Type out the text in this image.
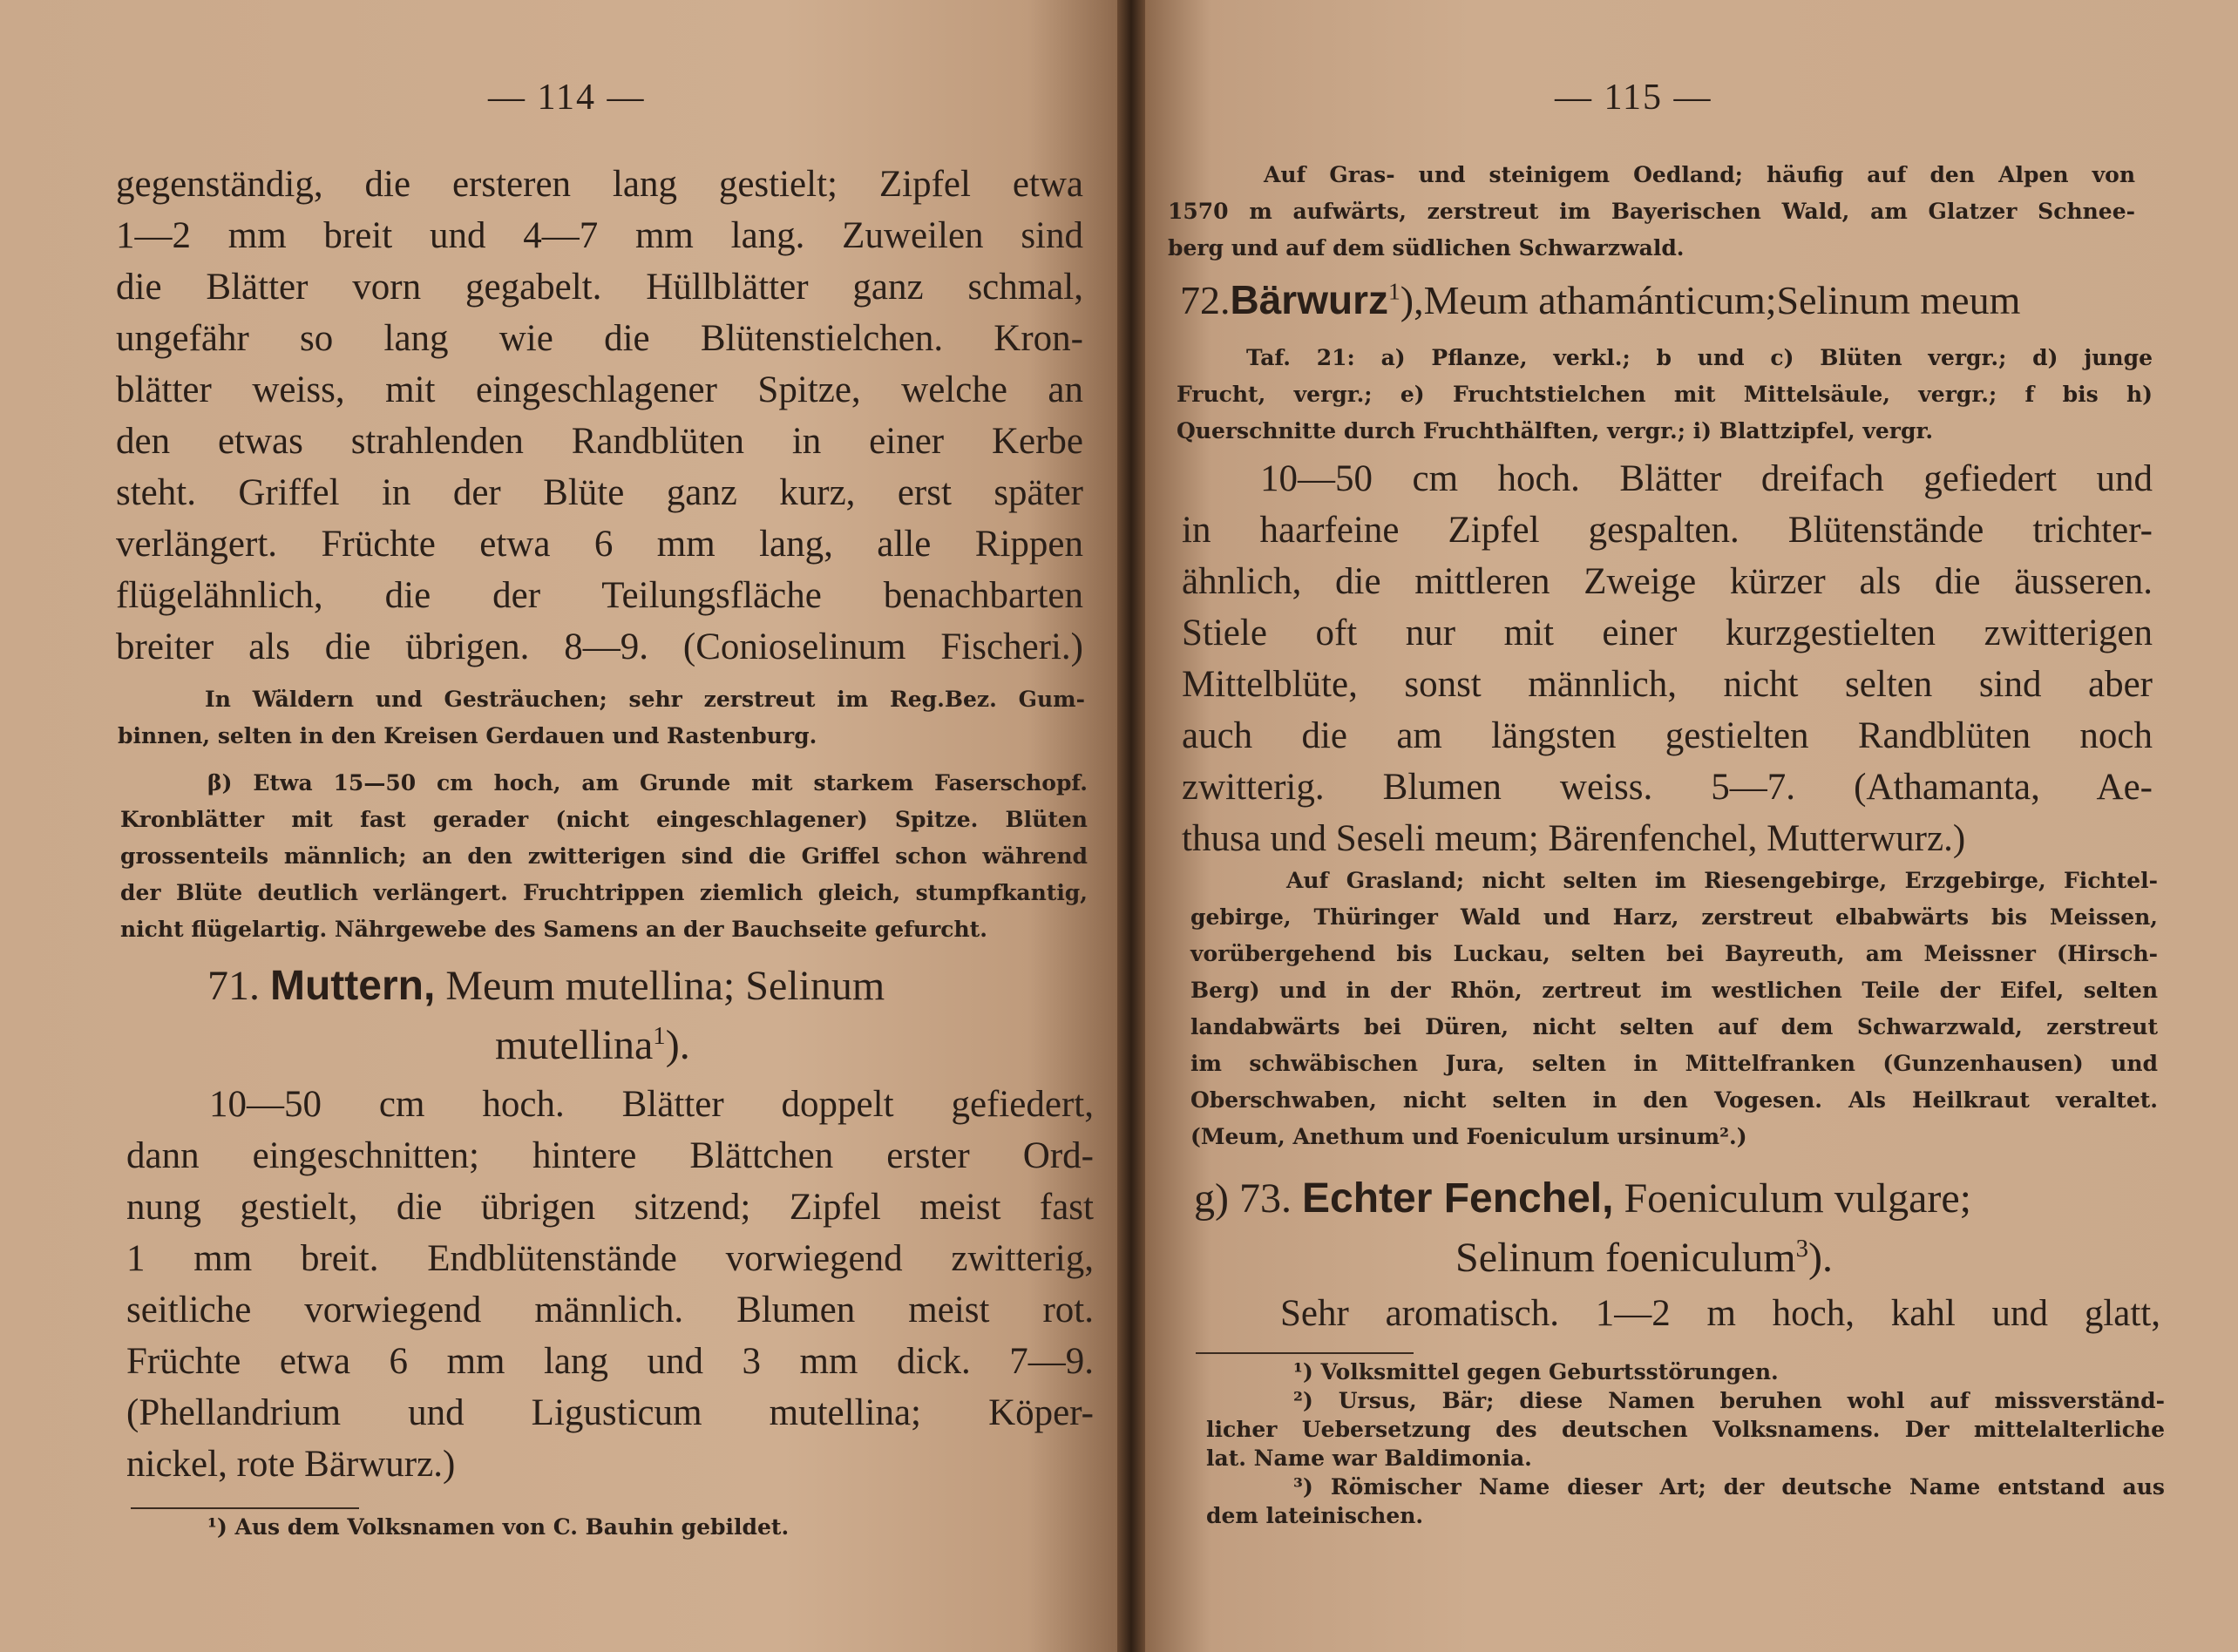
— 114 —
gegenständig, die ersteren lang gestielt; Zipfel etwa
1—2 mm breit und 4—7 mm lang. Zuweilen sind
die Blätter vorn gegabelt. Hüllblätter ganz schmal,
ungefähr so lang wie die Blütenstielchen. Kron-
blätter weiss, mit eingeschlagener Spitze, welche an
den etwas strahlenden Randblüten in einer Kerbe
steht. Griffel in der Blüte ganz kurz, erst später
verlängert. Früchte etwa 6 mm lang, alle Rippen
flügelähnlich, die der Teilungsfläche benachbarten
breiter als die übrigen. 8—9. (Conioselinum Fischeri.)
In Wäldern und Gesträuchen; sehr zerstreut im Reg.Bez. Gum-
binnen, selten in den Kreisen Gerdauen und Rastenburg.
β) Etwa 15—50 cm hoch, am Grunde mit starkem Faserschopf.
Kronblätter mit fast gerader (nicht eingeschlagener) Spitze. Blüten
grossenteils männlich; an den zwitterigen sind die Griffel schon während
der Blüte deutlich verlängert. Fruchtrippen ziemlich gleich, stumpfkantig,
nicht flügelartig. Nährgewebe des Samens an der Bauchseite gefurcht.
71. Muttern, Meum mutellina; Selinum
mutellina$^1$).
10—50 cm hoch. Blätter doppelt gefiedert,
dann eingeschnitten; hintere Blättchen erster Ord-
nung gestielt, die übrigen sitzend; Zipfel meist fast
1 mm breit. Endblütenstände vorwiegend zwitterig,
seitliche vorwiegend männlich. Blumen meist rot.
Früchte etwa 6 mm lang und 3 mm dick. 7—9.
(Phellandrium und Ligusticum mutellina; Köper-
nickel, rote Bärwurz.)
¹) Aus dem Volksnamen von C. Bauhin gebildet.
— 115 —
Auf Gras- und steinigem Oedland; häufig auf den Alpen von
1570 m aufwärts, zerstreut im Bayerischen Wald, am Glatzer Schnee-
berg und auf dem südlichen Schwarzwald.
72.Bärwurz$^1$),Meum athamánticum;Selinum meum
Taf. 21: a) Pflanze, verkl.; b und c) Blüten vergr.; d) junge
Frucht, vergr.; e) Fruchtstielchen mit Mittelsäule, vergr.; f bis h)
Querschnitte durch Fruchthälften, vergr.; i) Blattzipfel, vergr.
10—50 cm hoch. Blätter dreifach gefiedert und
in haarfeine Zipfel gespalten. Blütenstände trichter-
ähnlich, die mittleren Zweige kürzer als die äusseren.
Stiele oft nur mit einer kurzgestielten zwitterigen
Mittelblüte, sonst männlich, nicht selten sind aber
auch die am längsten gestielten Randblüten noch
zwitterig. Blumen weiss. 5—7. (Athamanta, Ae-
thusa und Seseli meum; Bärenfenchel, Mutterwurz.)
Auf Grasland; nicht selten im Riesengebirge, Erzgebirge, Fichtel-
gebirge, Thüringer Wald und Harz, zerstreut elbabwärts bis Meissen,
vorübergehend bis Luckau, selten bei Bayreuth, am Meissner (Hirsch-
Berg) und in der Rhön, zertreut im westlichen Teile der Eifel, selten
landabwärts bei Düren, nicht selten auf dem Schwarzwald, zerstreut
im schwäbischen Jura, selten in Mittelfranken (Gunzenhausen) und
Oberschwaben, nicht selten in den Vogesen. Als Heilkraut veraltet.
(Meum, Anethum und Foeniculum ursinum².)
g) 73. Echter Fenchel, Foeniculum vulgare;
Selinum foeniculum$^3$).
Sehr aromatisch. 1—2 m hoch, kahl und glatt,
¹) Volksmittel gegen Geburtsstörungen.
²) Ursus, Bär; diese Namen beruhen wohl auf missverständ-
licher Uebersetzung des deutschen Volksnamens. Der mittelalterliche
lat. Name war Baldimonia.
³) Römischer Name dieser Art; der deutsche Name entstand aus
dem lateinischen.
